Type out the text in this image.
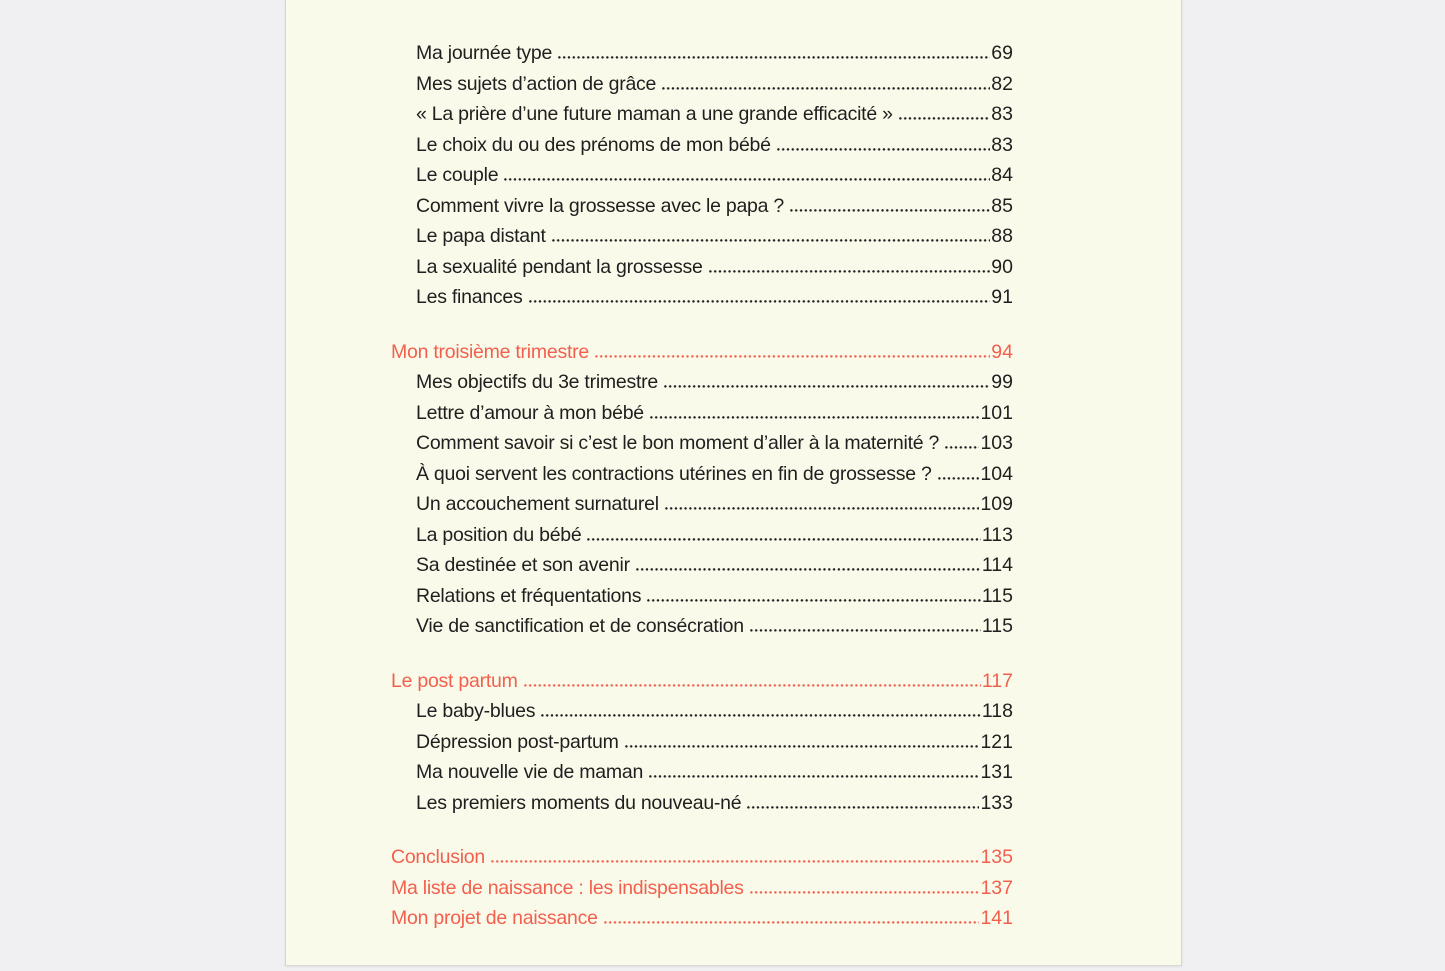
Ma journée type	69
Mes sujets d’action de grâce	82
« La prière d’une future maman a une grande efficacité »	83
Le choix du ou des prénoms de mon bébé	83
Le couple	84
Comment vivre la grossesse avec le papa ?	85
Le papa distant	88
La sexualité pendant la grossesse	90
Les finances	91
Mon troisième trimestre	94
Mes objectifs du 3e trimestre	99
Lettre d’amour à mon bébé	101
Comment savoir si c’est le bon moment d’aller à la maternité ? 103
À quoi servent les contractions utérines en fin de grossesse ?	104
Un accouchement surnaturel	109
La position du bébé	113
Sa destinée et son avenir	114
Relations et fréquentations	115
Vie de sanctification et de consécration	115
Le post partum	117
Le baby-blues	118
Dépression post-partum	121
Ma nouvelle vie de maman	131
Les premiers moments du nouveau-né	133
Conclusion	135
Ma liste de naissance : les indispensables	137
Mon projet de naissance	141
